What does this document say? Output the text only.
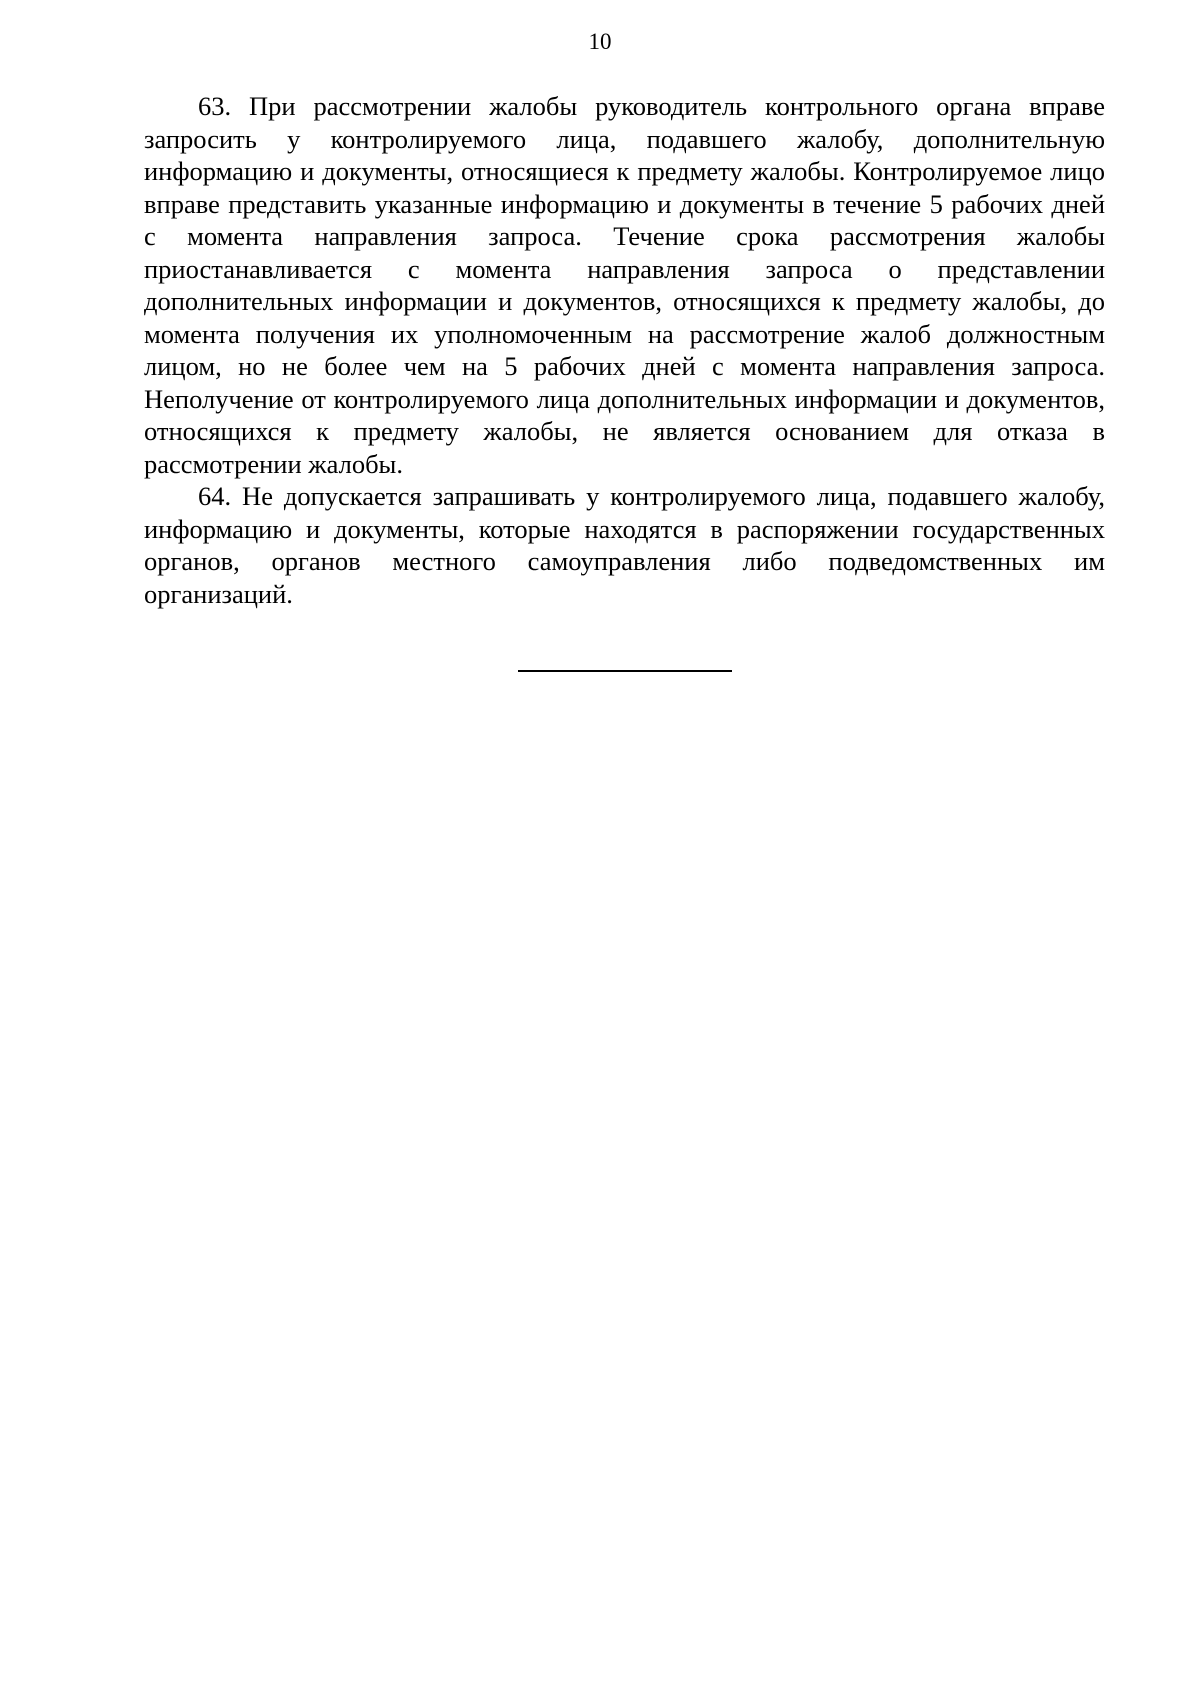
10

63. При рассмотрении жалобы руководитель контрольного органа вправе запросить у контролируемого лица, подавшего жалобу, дополнительную информацию и документы, относящиеся к предмету жалобы. Контролируемое лицо вправе представить указанные информацию и документы в течение 5 рабочих дней с момента направления запроса. Течение срока рассмотрения жалобы приостанавливается с момента направления запроса о представлении дополнительных информации и документов, относящихся к предмету жалобы, до момента получения их уполномоченным на рассмотрение жалоб должностным лицом, но не более чем на 5 рабочих дней с момента направления запроса. Неполучение от контролируемого лица дополнительных информации и документов, относящихся к предмету жалобы, не является основанием для отказа в рассмотрении жалобы.

64. Не допускается запрашивать у контролируемого лица, подавшего жалобу, информацию и документы, которые находятся в распоряжении государственных органов, органов местного самоуправления либо подведомственных им организаций.
